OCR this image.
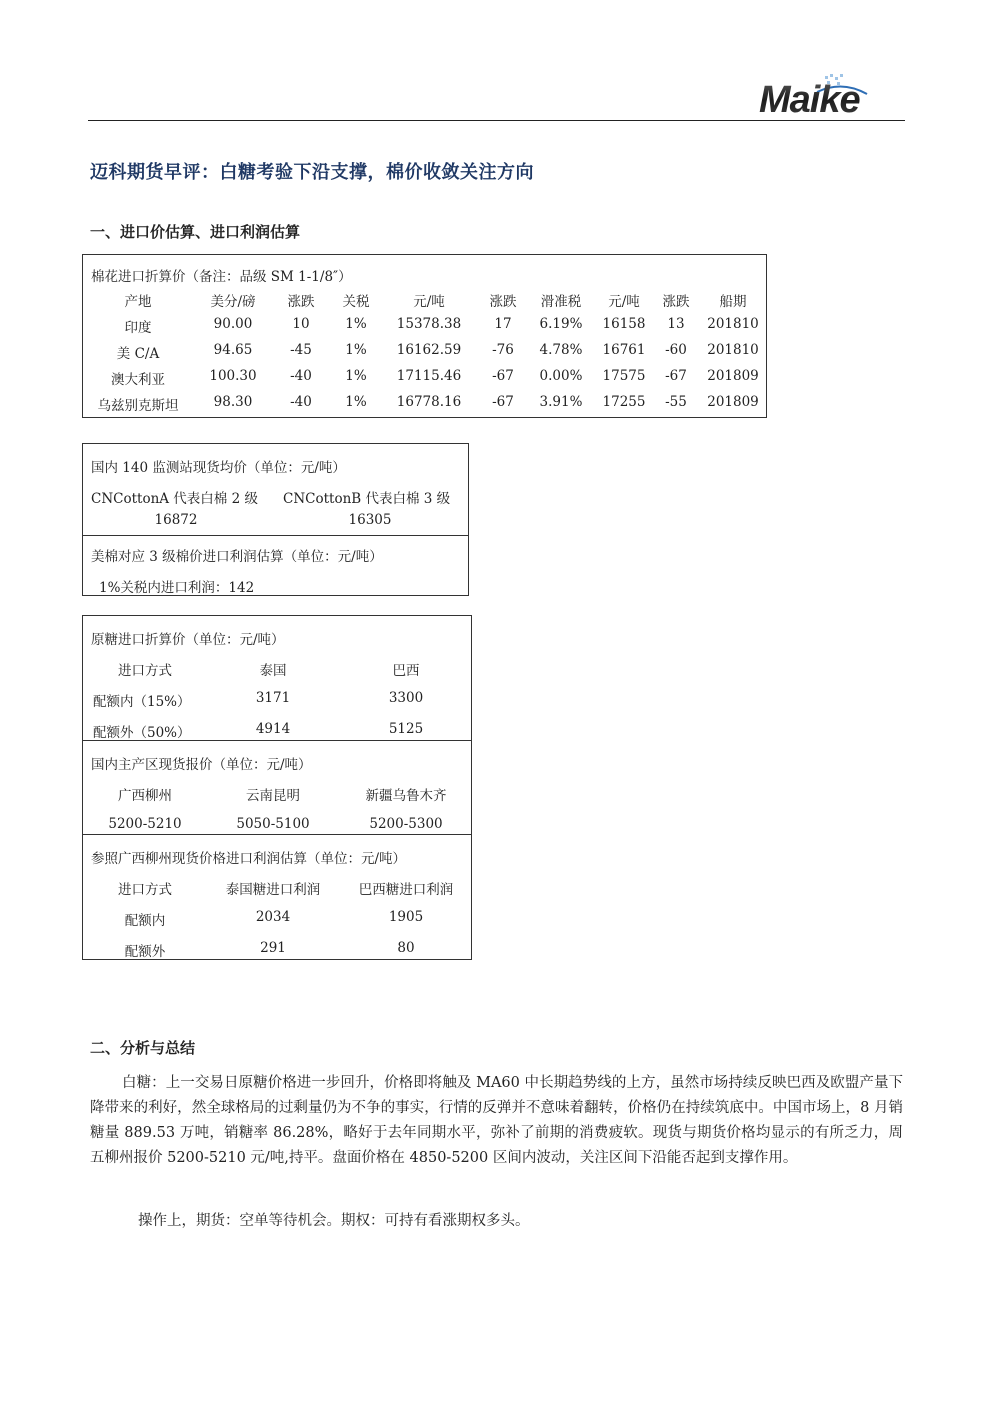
Maike
迈科期货早评：白糖考验下沿支撑，棉价收敛关注方向
一、进口价估算、进口利润估算
棉花进口折算价（备注：品级 SM 1-1/8″）
产地	美分/磅 涨跌 关税	元/吨	涨跌 滑准税 元/吨 涨跌 船期
印度	90.00	10	1% 15378.38 17 6.19% 16158 13 201810
美 C/A	94.65	-45 1% 16162.59 -76 4.78% 16761 -60 201810
澳大利亚	100.30 -40 1% 17115.46 -67 0.00% 17575 -67 201809
乌兹别克斯坦	98.30	-40 1% 16778.16 -67 3.91% 17255 -55 201809
国内 140 监测站现货均价（单位：元/吨）
CNCottonA 代表白棉 2 级 CNCottonB 代表白棉 3 级
16872	16305
美棉对应 3 级棉价进口利润估算（单位：元/吨）
1%关税内进口利润：142
原糖进口折算价（单位：元/吨）
进口方式	泰国	巴西
配额内（15%）	3171	3300
配额外（50%）	4914	5125
国内主产区现货报价（单位：元/吨）
广西柳州	云南昆明	新疆乌鲁木齐
5200-5210	5050-5100	5200-5300
参照广西柳州现货价格进口利润估算（单位：元/吨）
进口方式	泰国糖进口利润	巴西糖进口利润
配额内	2034	1905
配额外	291	80
二、分析与总结
白糖：上一交易日原糖价格进一步回升，价格即将触及 MA60 中长期趋势线的上方，虽然市场持续反映巴西及欧盟产量下降带来的利好，然全球格局的过剩量仍为不争的事实，行情的反弹并不意味着翻转，价格仍在持续筑底中。中国市场上，8 月销糖量 889.53 万吨，销糖率 86.28%，略好于去年同期水平，弥补了前期的消费疲软。现货与期货价格均显示的有所乏力，周五柳州报价 5200-5210 元/吨,持平。盘面价格在 4850-5200 区间内波动，关注区间下沿能否起到支撑作用。
操作上，期货：空单等待机会。期权：可持有看涨期权多头。
